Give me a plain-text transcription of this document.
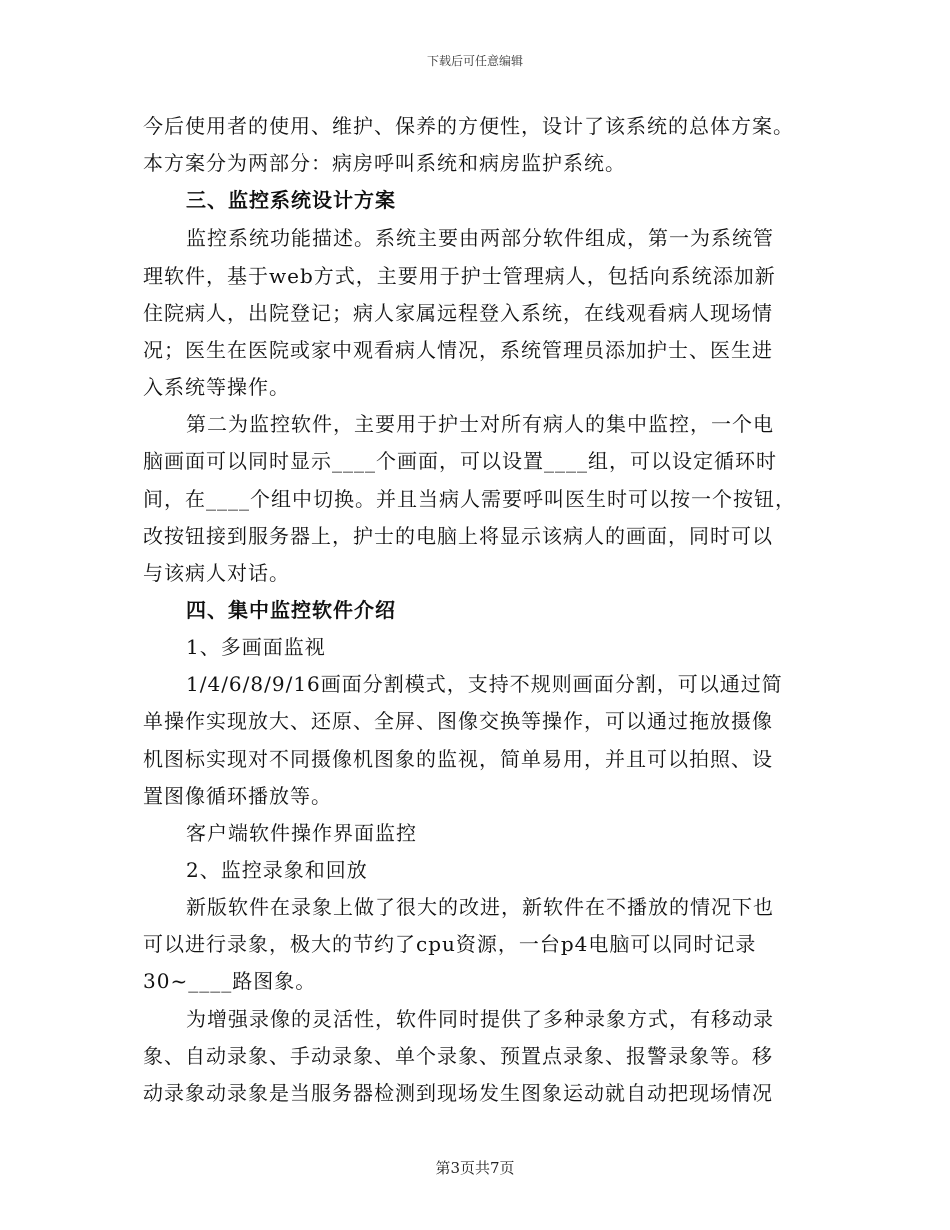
下载后可任意编辑
今后使用者的使用、维护、保养的方便性，设计了该系统的总体方案。
本方案分为两部分：病房呼叫系统和病房监护系统。
三、监控系统设计方案
监控系统功能描述。系统主要由两部分软件组成，第一为系统管
理软件，基于web方式，主要用于护士管理病人，包括向系统添加新
住院病人，出院登记；病人家属远程登入系统，在线观看病人现场情
况；医生在医院或家中观看病人情况，系统管理员添加护士、医生进
入系统等操作。
第二为监控软件，主要用于护士对所有病人的集中监控，一个电
脑画面可以同时显示____个画面，可以设置____组，可以设定循环时
间，在____个组中切换。并且当病人需要呼叫医生时可以按一个按钮，
改按钮接到服务器上，护士的电脑上将显示该病人的画面，同时可以
与该病人对话。
四、集中监控软件介绍
1、多画面监视
1/4/6/8/9/16画面分割模式，支持不规则画面分割，可以通过简
单操作实现放大、还原、全屏、图像交换等操作，可以通过拖放摄像
机图标实现对不同摄像机图象的监视，简单易用，并且可以拍照、设
置图像循环播放等。
客户端软件操作界面监控
2、监控录象和回放
新版软件在录象上做了很大的改进，新软件在不播放的情况下也
可以进行录象，极大的节约了cpu资源，一台p4电脑可以同时记录
30~____路图象。
为增强录像的灵活性，软件同时提供了多种录象方式，有移动录
象、自动录象、手动录象、单个录象、预置点录象、报警录象等。移
动录象动录象是当服务器检测到现场发生图象运动就自动把现场情况
第3页共7页
